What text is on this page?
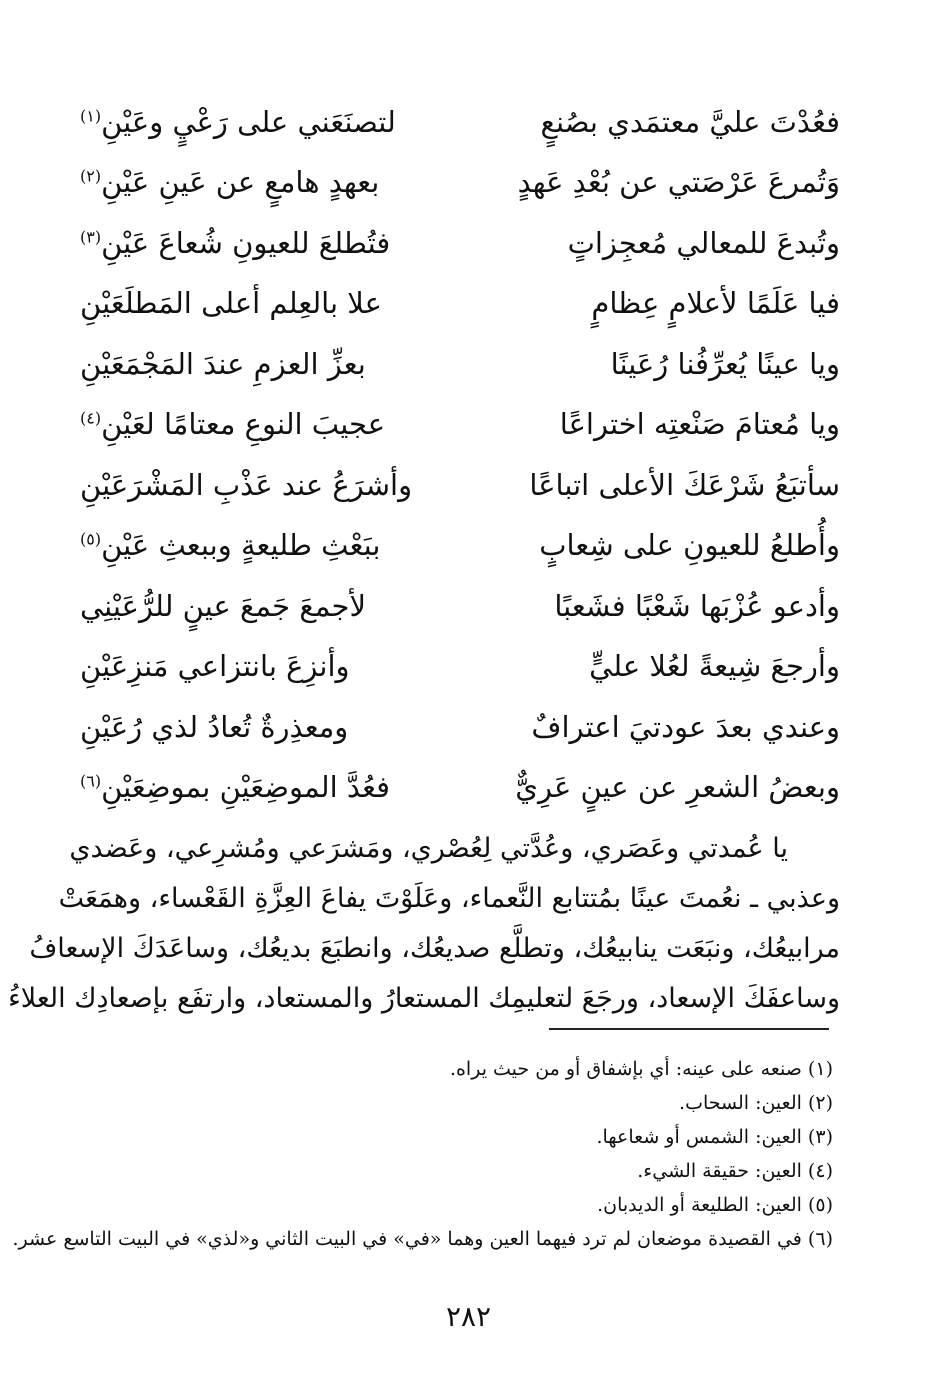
فعُدْتَ عليَّ معتمَدي بصُنعٍ
لتصنَعَني على رَعْيٍ وعَيْنِ$^{(١)}$
وَتُمرعَ عَرْصَتي عن بُعْدِ عَهدٍ
بعهدٍ هامعٍ عن عَينِ عَيْنِ$^{(٢)}$
وتُبدعَ للمعالي مُعجِزاتٍ
فتُطلعَ للعيونِ شُعاعَ عَيْنِ$^{(٣)}$
فيا عَلَمًا لأعلامٍ عِظامٍ
علا بالعِلم أعلى المَطلَعَيْنِ
ويا عينًا يُعرِّفُنا رُعَينًا
بعزِّ العزمِ عندَ المَجْمَعَيْنِ
ويا مُعتامَ صَنْعتِه اختراعًا
عجيبَ النوعِ معتامًا لعَيْنِ$^{(٤)}$
سأتبَعُ شَرْعَكَ الأعلى اتباعًا
وأشرَعُ عند عَذْبِ المَشْرَعَيْنِ
وأُطلعُ للعيونِ على شِعابٍ
ببَعْثِ طليعةٍ وببعثِ عَيْنِ$^{(٥)}$
وأدعو عُزْبَها شَعْبًا فشَعبًا
لأجمعَ جَمعَ عينٍ للرُّعَيْنِي
وأرجعَ شِيعةً لعُلا عليٍّ
وأنزِعَ بانتزاعي مَنزِعَيْنِ
وعندي بعدَ عودتيَ اعترافٌ
ومعذِرةٌ تُعادُ لذي رُعَيْنِ
وبعضُ الشعرِ عن عينٍ عَرِيٌّ
فعُدَّ الموضِعَيْنِ بموضِعَيْنِ$^{(٦)}$

يا عُمدتي وعَصَري، وعُدَّتي لِعُصْري، ومَشرَعي ومُشرِعي، وعَضدي

وعذبي ـ نعُمتَ عينًا بمُتتابع النَّعماء، وعَلَوْتَ يفاعَ العِزَّةِ القَعْساء، وهمَعَتْ

مرابيعُك، ونبَعَت ينابيعُك، وتطلَّع صديعُك، وانطبَعَ بديعُك، وساعَدَكَ الإسعافُ

وساعفَكَ الإسعاد، ورجَعَ لتعليمِك المستعارُ والمستعاد، وارتفَع بإصعادِك العلاءُ

(١) صنعه على عينه: أي بإشفاق أو من حيث يراه.
(٢) العين: السحاب.
(٣) العين: الشمس أو شعاعها.
(٤) العين: حقيقة الشيء.
(٥) العين: الطليعة أو الديدبان.
(٦) في القصيدة موضعان لم ترد فيهما العين وهما «في» في البيت الثاني و«لذي» في البيت التاسع عشر.
٢٨٢
